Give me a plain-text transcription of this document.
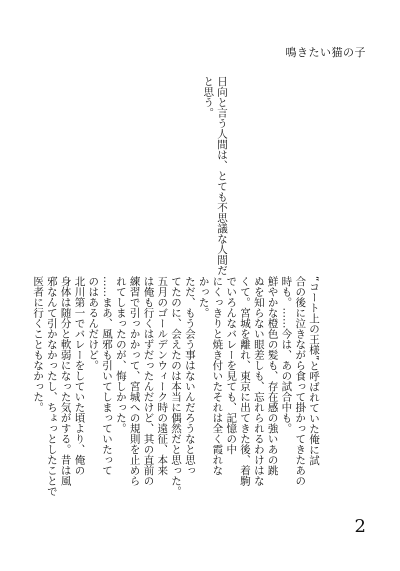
鳴きたい猫の子
日向と言う人間は、とても不思議な人間だ
と思う。
“コート上の王様”と呼ばれていた俺に試
合の後に泣きながら食って掛かってきたあの
時も。……今は、あの試合中も。
鮮やかな橙色の髪も、存在感の強いあの跳
ぬを知らない眼差しも、忘れられるわけはな
くて。宮城を離れ、東京に出てきた後、着駒
でいろんなバレーを見ても、記憶の中
にくっきりと焼き付いたそれは全く霞れな
かった。
ただ、もう会う事はないんだろうなと思っ
てたのに、会えたのは本当に偶然だと思った。
五月のゴールデンウィーク時の遠征、本来
は俺も行くはずだったんだけど、其の直前の
練習で引っかかって、宮城への規則を止めら
れてしまったのが、悔しかった。
……まあ、風邪も引いてしまっていたって
のはあるんだけど。
北川第一でバレーをしていた頃より、俺の
身体は随分と軟弱になった気がする。昔は風
邪なんて引かなかったし、ちょっとしたことで
医者に行くこともなかった。
2
